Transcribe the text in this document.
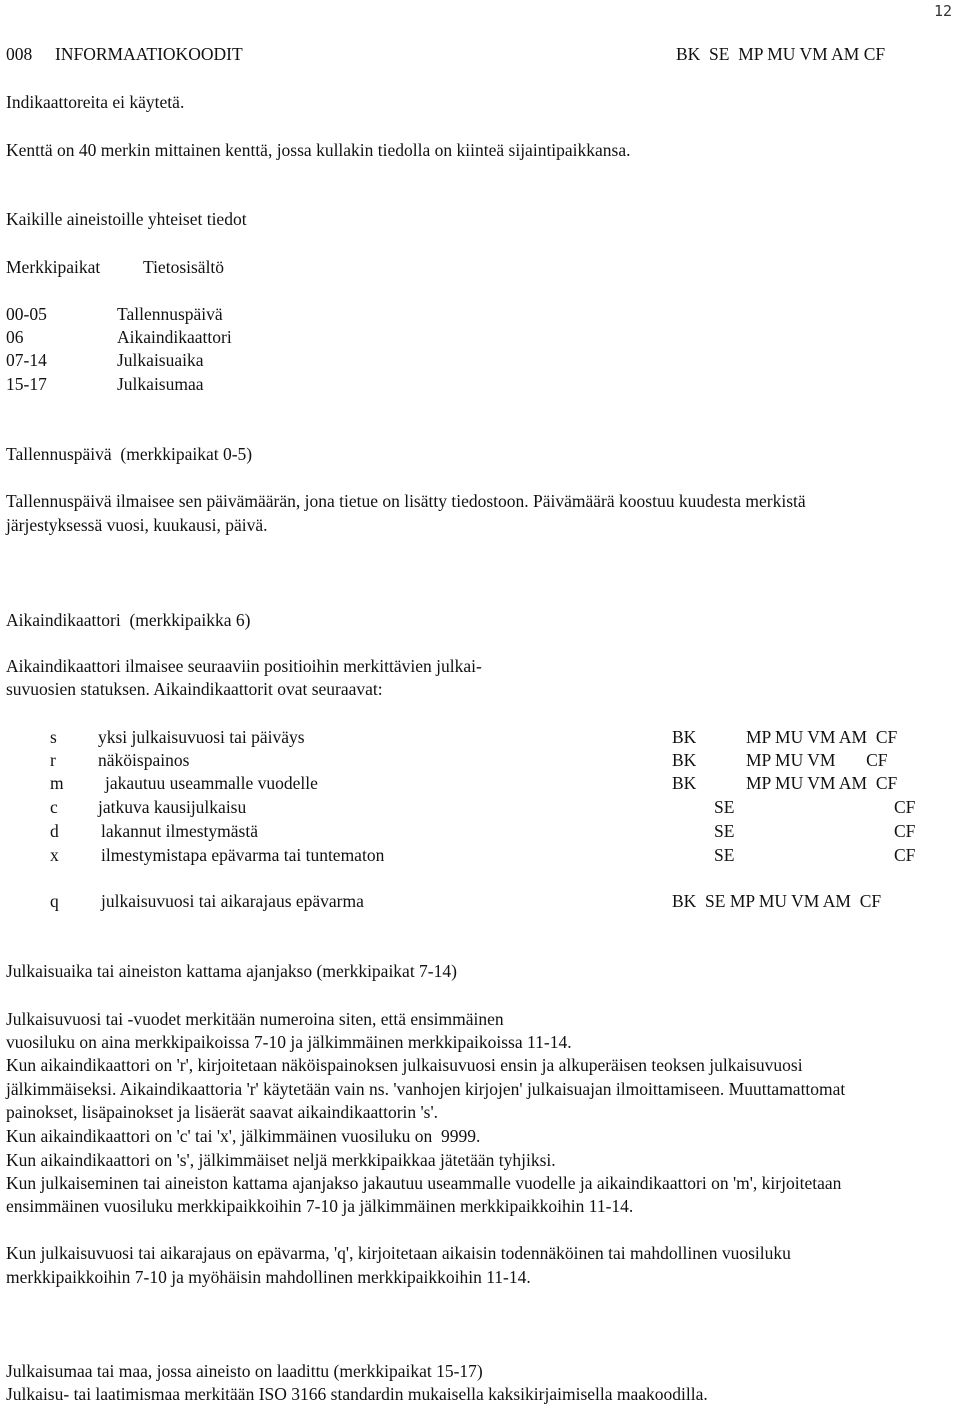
12
008 INFORMAATIOKOODIT	BK  SE  MP MU VM AM CF
Indikaattoreita ei käytetä.
Kenttä on 40 merkin mittainen kenttä, jossa kullakin tiedolla on kiinteä sijaintipaikkansa.
Kaikille aineistoille yhteiset tiedot
Merkkipaikat Tietosisältö
00-05	Tallennuspäivä
06	Aikaindikaattori
07-14	Julkaisuaika
15-17	Julkaisumaa
Tallennuspäivä  (merkkipaikat 0-5)
Tallennuspäivä ilmaisee sen päivämäärän, jona tietue on lisätty tiedostoon. Päivämäärä koostuu kuudesta merkistä
järjestyksessä vuosi, kuukausi, päivä.
Aikaindikaattori  (merkkipaikka 6)
Aikaindikaattori ilmaisee seuraaviin positioihin merkittävien julkai-
suvuosien statuksen. Aikaindikaattorit ovat seuraavat:
s yksi julkaisuvuosi tai päiväys	BK	MP MU VM AM  CF
r näköispainos	BK	MP MU VM       CF
m jakautuu useammalle vuodelle	BK	MP MU VM AM  CF
c jatkuva kausijulkaisu	SE	CF
d lakannut ilmestymästä	SE	CF
x ilmestymistapa epävarma tai tuntematon	SE	CF
q julkaisuvuosi tai aikarajaus epävarma	BK  SE MP MU VM AM  CF
Julkaisuaika tai aineiston kattama ajanjakso (merkkipaikat 7-14)
Julkaisuvuosi tai -vuodet merkitään numeroina siten, että ensimmäinen
vuosiluku on aina merkkipaikoissa 7-10 ja jälkimmäinen merkkipaikoissa 11-14.
Kun aikaindikaattori on 'r', kirjoitetaan näköispainoksen julkaisuvuosi ensin ja alkuperäisen teoksen julkaisuvuosi
jälkimmäiseksi. Aikaindikaattoria 'r' käytetään vain ns. 'vanhojen kirjojen' julkaisuajan ilmoittamiseen. Muuttamattomat
painokset, lisäpainokset ja lisäerät saavat aikaindikaattorin 's'.
Kun aikaindikaattori on 'c' tai 'x', jälkimmäinen vuosiluku on  9999.
Kun aikaindikaattori on 's', jälkimmäiset neljä merkkipaikkaa jätetään tyhjiksi.
Kun julkaiseminen tai aineiston kattama ajanjakso jakautuu useammalle vuodelle ja aikaindikaattori on 'm', kirjoitetaan
ensimmäinen vuosiluku merkkipaikkoihin 7-10 ja jälkimmäinen merkkipaikkoihin 11-14.
Kun julkaisuvuosi tai aikarajaus on epävarma, 'q', kirjoitetaan aikaisin todennäköinen tai mahdollinen vuosiluku
merkkipaikkoihin 7-10 ja myöhäisin mahdollinen merkkipaikkoihin 11-14.
Julkaisumaa tai maa, jossa aineisto on laadittu (merkkipaikat 15-17)
Julkaisu- tai laatimismaa merkitään ISO 3166 standardin mukaisella kaksikirjaimisella maakoodilla.
